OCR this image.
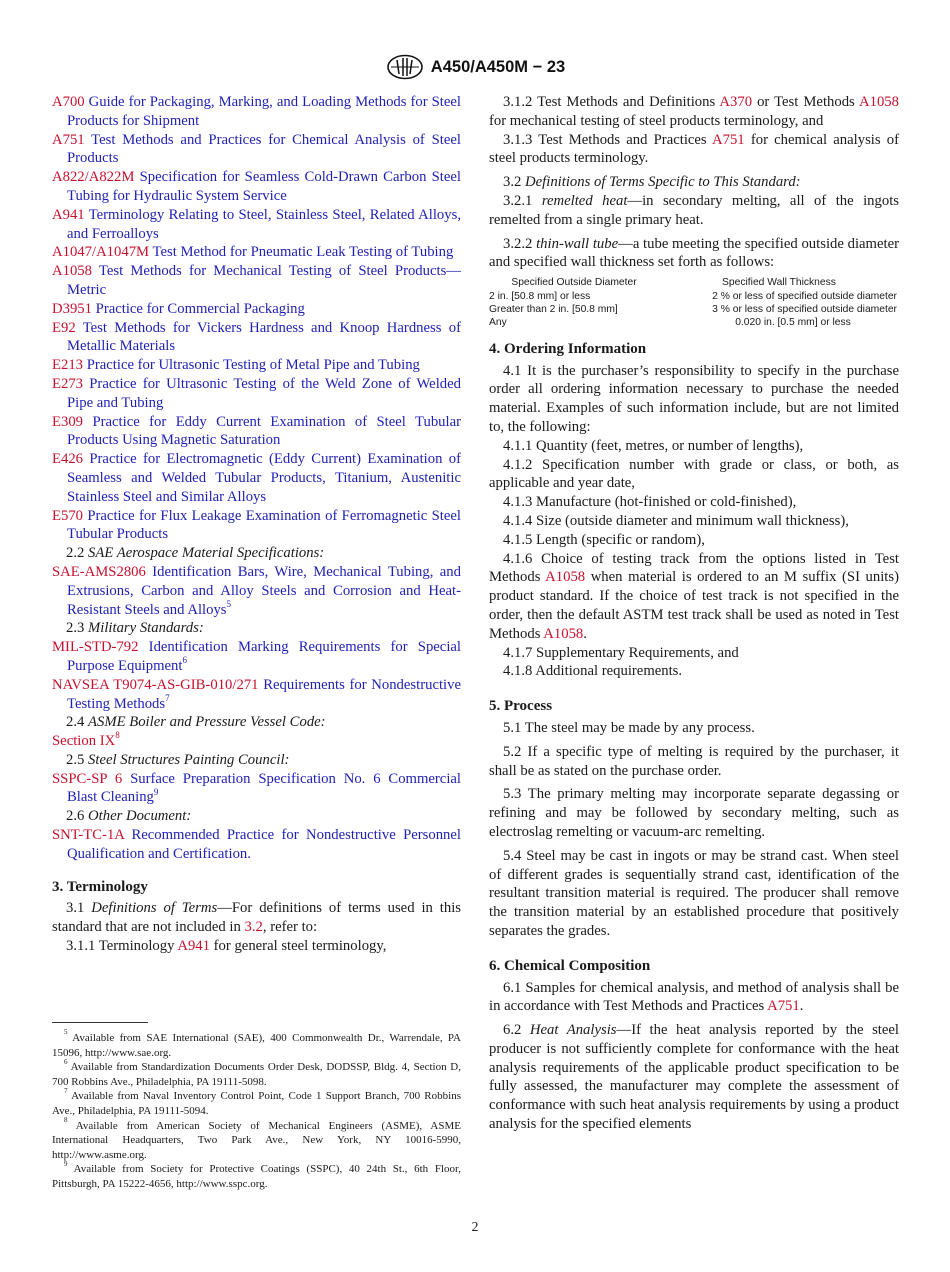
A450/A450M − 23
A700 Guide for Packaging, Marking, and Loading Methods for Steel Products for Shipment
A751 Test Methods and Practices for Chemical Analysis of Steel Products
A822/A822M Specification for Seamless Cold-Drawn Carbon Steel Tubing for Hydraulic System Service
A941 Terminology Relating to Steel, Stainless Steel, Related Alloys, and Ferroalloys
A1047/A1047M Test Method for Pneumatic Leak Testing of Tubing
A1058 Test Methods for Mechanical Testing of Steel Products—Metric
D3951 Practice for Commercial Packaging
E92 Test Methods for Vickers Hardness and Knoop Hardness of Metallic Materials
E213 Practice for Ultrasonic Testing of Metal Pipe and Tubing
E273 Practice for Ultrasonic Testing of the Weld Zone of Welded Pipe and Tubing
E309 Practice for Eddy Current Examination of Steel Tubular Products Using Magnetic Saturation
E426 Practice for Electromagnetic (Eddy Current) Examination of Seamless and Welded Tubular Products, Titanium, Austenitic Stainless Steel and Similar Alloys
E570 Practice for Flux Leakage Examination of Ferromagnetic Steel Tubular Products
2.2 SAE Aerospace Material Specifications:
SAE-AMS2806 Identification Bars, Wire, Mechanical Tubing, and Extrusions, Carbon and Alloy Steels and Corrosion and Heat-Resistant Steels and Alloys$^5$
2.3 Military Standards:
MIL-STD-792 Identification Marking Requirements for Special Purpose Equipment$^6$
NAVSEA T9074-AS-GIB-010/271 Requirements for Nondestructive Testing Methods$^7$
2.4 ASME Boiler and Pressure Vessel Code:
Section $IX^8$
2.5 Steel Structures Painting Council:
SSPC-SP 6 Surface Preparation Specification No. 6 Commercial Blast Cleaning$^9$
2.6 Other Document:
SNT-TC-1A Recommended Practice for Nondestructive Personnel Qualification and Certification.
3. Terminology
3.1 Definitions of Terms—For definitions of terms used in this standard that are not included in 3.2, refer to:
3.1.1 Terminology A941 for general steel terminology,
$^5$ Available from SAE International (SAE), 400 Commonwealth Dr., Warrendale, PA 15096, http://www.sae.org.
$^6$ Available from Standardization Documents Order Desk, DODSSP, Bldg. 4, Section D, 700 Robbins Ave., Philadelphia, PA 19111-5098.
$^7$ Available from Naval Inventory Control Point, Code 1 Support Branch, 700 Robbins Ave., Philadelphia, PA 19111-5094.
$^8$ Available from American Society of Mechanical Engineers (ASME), ASME International Headquarters, Two Park Ave., New York, NY 10016-5990, http://www.asme.org.
$^9$ Available from Society for Protective Coatings (SSPC), 40 24th St., 6th Floor, Pittsburgh, PA 15222-4656, http://www.sspc.org.
3.1.2 Test Methods and Definitions A370 or Test Methods A1058 for mechanical testing of steel products terminology, and
3.1.3 Test Methods and Practices A751 for chemical analysis of steel products terminology.
3.2 Definitions of Terms Specific to This Standard:
3.2.1 remelted heat—in secondary melting, all of the ingots remelted from a single primary heat.
3.2.2 thin-wall tube—a tube meeting the specified outside diameter and specified wall thickness set forth as follows:
Specified Outside Diameter	Specified Wall Thickness
2 in. [50.8 mm] or less	2 % or less of specified outside diameter
Greater than 2 in. [50.8 mm]	3 % or less of specified outside diameter
Any	0.020 in. [0.5 mm] or less
4. Ordering Information
4.1 It is the purchaser’s responsibility to specify in the purchase order all ordering information necessary to purchase the needed material. Examples of such information include, but are not limited to, the following:
4.1.1 Quantity (feet, metres, or number of lengths),
4.1.2 Specification number with grade or class, or both, as applicable and year date,
4.1.3 Manufacture (hot-finished or cold-finished),
4.1.4 Size (outside diameter and minimum wall thickness),
4.1.5 Length (specific or random),
4.1.6 Choice of testing track from the options listed in Test Methods A1058 when material is ordered to an M suffix (SI units) product standard. If the choice of test track is not specified in the order, then the default ASTM test track shall be used as noted in Test Methods A1058.
4.1.7 Supplementary Requirements, and
4.1.8 Additional requirements.
5. Process
5.1 The steel may be made by any process.
5.2 If a specific type of melting is required by the purchaser, it shall be as stated on the purchase order.
5.3 The primary melting may incorporate separate degassing or refining and may be followed by secondary melting, such as electroslag remelting or vacuum-arc remelting.
5.4 Steel may be cast in ingots or may be strand cast. When steel of different grades is sequentially strand cast, identification of the resultant transition material is required. The producer shall remove the transition material by an established procedure that positively separates the grades.
6. Chemical Composition
6.1 Samples for chemical analysis, and method of analysis shall be in accordance with Test Methods and Practices A751.
6.2 Heat Analysis—If the heat analysis reported by the steel producer is not sufficiently complete for conformance with the heat analysis requirements of the applicable product specification to be fully assessed, the manufacturer may complete the assessment of conformance with such heat analysis requirements by using a product analysis for the specified elements
2
